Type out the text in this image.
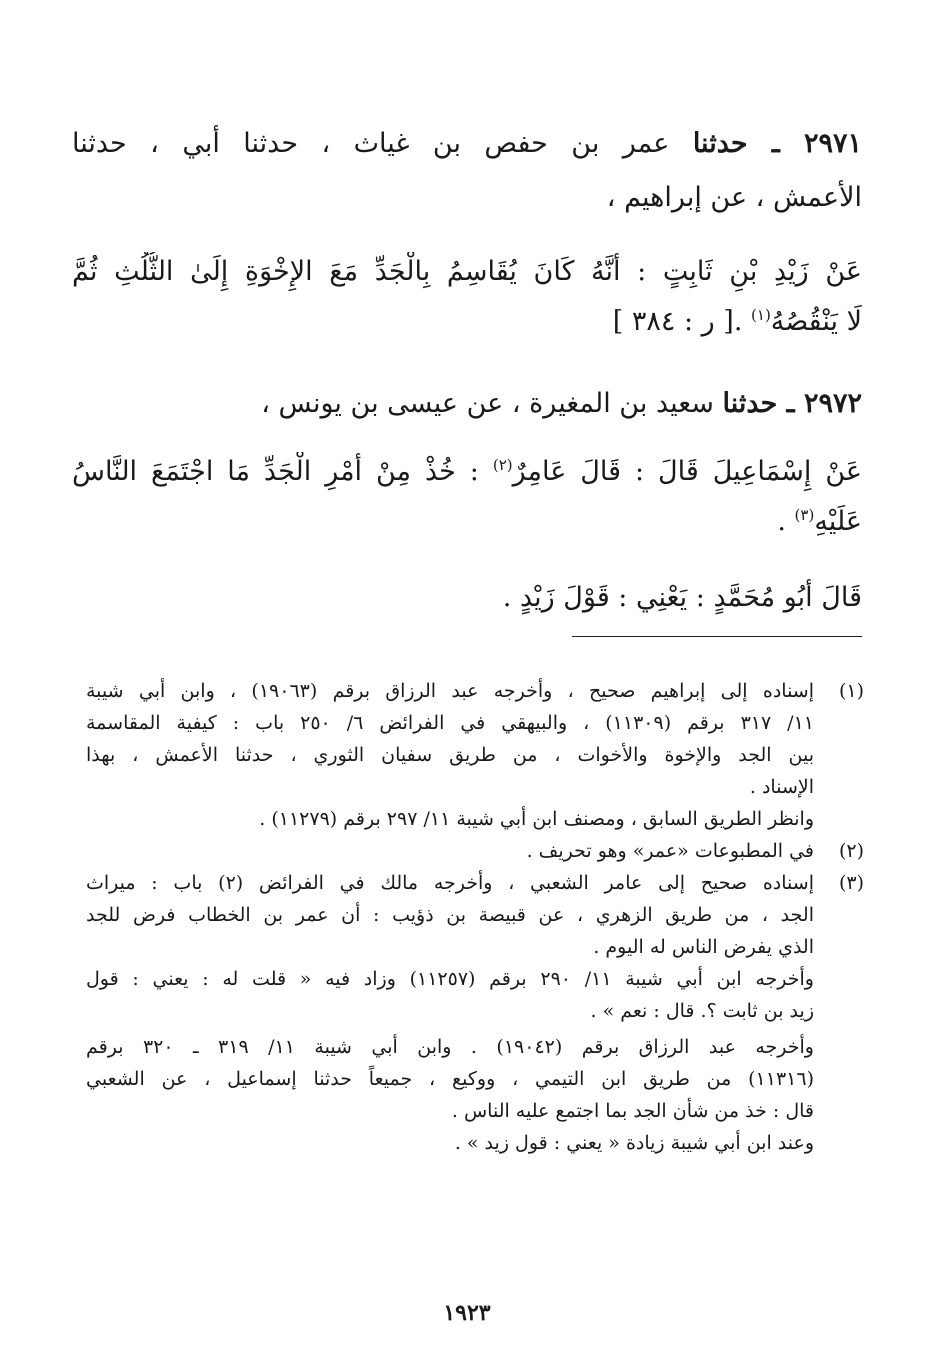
٢٩٧١ ـ حدثنا عمر بن حفص بن غياث ، حدثنا أبي ، حدثنا
الأعمش ، عن إبراهيم ،
عَنْ زَيْدِ بْنِ ثَابِتٍ : أَنَّهُ كَانَ يُقَاسِمُ بِالْجَدِّ مَعَ الإِخْوَةِ إِلَىٰ الثُّلُثِ ثُمَّ
لَا يَنْقُصُهُ$^{(١)}$ .[ ر : ٣٨٤ ]
٢٩٧٢ ـ حدثنا سعيد بن المغيرة ، عن عيسى بن يونس ،
عَنْ إِسْمَاعِيلَ قَالَ : قَالَ عَامِرٌ$^{(٢)}$ : خُذْ مِنْ أَمْرِ الْجَدِّ مَا اجْتَمَعَ النَّاسُ
عَلَيْهِ$^{(٣)}$ .
قَالَ أَبُو مُحَمَّدٍ : يَعْنِي : قَوْلَ زَيْدٍ .
(١)
إسناده إلى إبراهيم صحيح ، وأخرجه عبد الرزاق برقم (١٩٠٦٣) ، وابن أبي شيبة
١١/ ٣١٧ برقم (١١٣٠٩) ، والبيهقي في الفرائض ٦/ ٢٥٠ باب : كيفية المقاسمة
بين الجد والإخوة والأخوات ، من طريق سفيان الثوري ، حدثنا الأعمش ، بهذا
الإسناد .
وانظر الطريق السابق ، ومصنف ابن أبي شيبة ١١/ ٢٩٧ برقم (١١٢٧٩) .
(٢)
في المطبوعات «عمر» وهو تحريف .
(٣)
إسناده صحيح إلى عامر الشعبي ، وأخرجه مالك في الفرائض (٢) باب : ميراث
الجد ، من طريق الزهري ، عن قبيصة بن ذؤيب : أن عمر بن الخطاب فرض للجد
الذي يفرض الناس له اليوم .
وأخرجه ابن أبي شيبة ١١/ ٢٩٠ برقم (١١٢٥٧) وزاد فيه « قلت له : يعني : قول
زيد بن ثابت ؟. قال : نعم » .
وأخرجه عبد الرزاق برقم (١٩٠٤٢) . وابن أبي شيبة ١١/ ٣١٩ ـ ٣٢٠ برقم
(١١٣١٦) من طريق ابن التيمي ، ووكيع ، جميعاً حدثنا إسماعيل ، عن الشعبي
قال : خذ من شأن الجد بما اجتمع عليه الناس .
وعند ابن أبي شيبة زيادة « يعني : قول زيد » .
١٩٢٣
